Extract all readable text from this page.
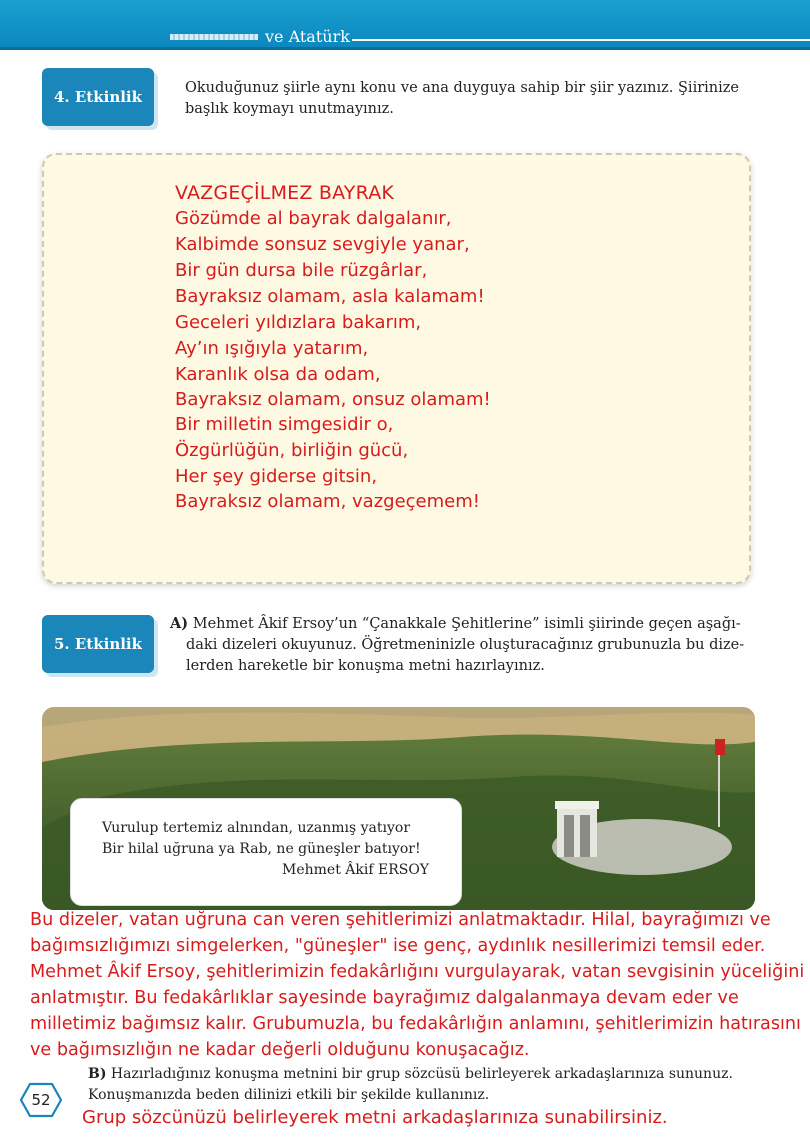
ve Atatürk
4. Etkinlik	Okuduğunuz şiirle aynı konu ve ana duyguya sahip bir şiir yazınız. Şiirinize
başlık koymayı unutmayınız.
VAZGEÇİLMEZ BAYRAK
Gözümde al bayrak dalgalanır,
Kalbimde sonsuz sevgiyle yanar,
Bir gün dursa bile rüzgârlar,
Bayraksız olamam, asla kalamam!
Geceleri yıldızlara bakarım,
Ay’ın ışığıyla yatarım,
Karanlık olsa da odam,
Bayraksız olamam, onsuz olamam!
Bir milletin simgesidir o,
Özgürlüğün, birliğin gücü,
Her şey giderse gitsin,
Bayraksız olamam, vazgeçemem!
5. Etkinlik
A) Mehmet Âkif Ersoy’un “Çanakkale Şehitlerine” isimli şiirinde geçen aşağı-
daki dizeleri okuyunuz. Öğretmeninizle oluşturacağınız grubunuzla bu dize-
lerden hareketle bir konuşma metni hazırlayınız.
Vurulup tertemiz alnından, uzanmış yatıyor
Bir hilal uğruna ya Rab, ne güneşler batıyor!
Mehmet Âkif ERSOY
Bu dizeler, vatan uğruna can veren şehitlerimizi anlatmaktadır. Hilal, bayrağımızı ve
bağımsızlığımızı simgelerken, "güneşler" ise genç, aydınlık nesillerimizi temsil eder.
Mehmet Âkif Ersoy, şehitlerimizin fedakârlığını vurgulayarak, vatan sevgisinin yüceliğini
anlatmıştır. Bu fedakârlıklar sayesinde bayrağımız dalgalanmaya devam eder ve
milletimiz bağımsız kalır. Grubumuzla, bu fedakârlığın anlamını, şehitlerimizin hatırasını
ve bağımsızlığın ne kadar değerli olduğunu konuşacağız.
B) Hazırladığınız konuşma metnini bir grup sözcüsü belirleyerek arkadaşlarınıza sununuz.
Konuşmanızda beden dilinizi etkili bir şekilde kullanınız.
52
Grup sözcünüzü belirleyerek metni arkadaşlarınıza sunabilirsiniz.
